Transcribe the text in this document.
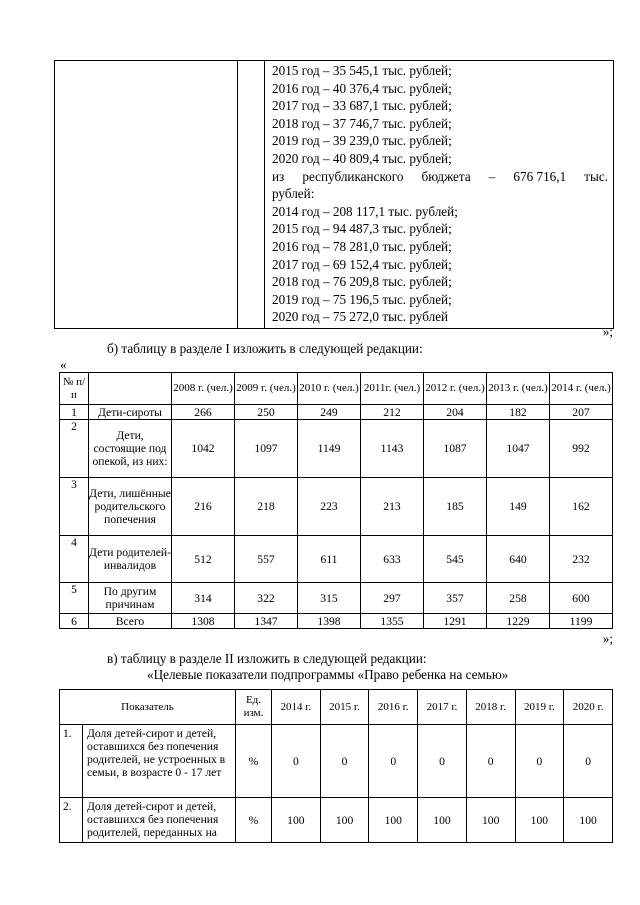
2015 год – 35 545,1 тыс. рублей;
2016 год – 40 376,4 тыс. рублей;
2017 год – 33 687,1 тыс. рублей;
2018 год – 37 746,7 тыс. рублей;
2019 год – 39 239,0 тыс. рублей;
2020 год – 40 809,4 тыс. рублей;
из республиканского бюджета – 676 716,1 тыс.
рублей:
2014 год – 208 117,1 тыс. рублей;
2015 год – 94 487,3 тыс. рублей;
2016 год – 78 281,0 тыс. рублей;
2017 год – 69 152,4 тыс. рублей;
2018 год – 76 209,8 тыс. рублей;
2019 год – 75 196,5 тыс. рублей;
2020 год – 75 272,0 тыс. рублей
»;
б) таблицу в разделе I изложить в следующей редакции:
«
№ п/п		2008 г. (чел.)	2009 г. (чел.)	2010 г. (чел.)	2011г. (чел.)	2012 г. (чел.)	2013 г. (чел.)	2014 г. (чел.)
1	Дети-сироты	266	250	249	212	204	182	207
2	Дети, состоящие под опекой, из них:	1042	1097	1149	1143	1087	1047	992
3	Дети, лишённые родительского попечения	216	218	223	213	185	149	162
4	Дети родителей-инвалидов	512	557	611	633	545	640	232
5	По другим причинам	314	322	315	297	357	258	600
6	Всего	1308	1347	1398	1355	1291	1229	1199
»;
в) таблицу в разделе II изложить в следующей редакции:
«Целевые показатели подпрограммы «Право ребенка на семью»
Показатель		Ед. изм.	2014 г.	2015 г.	2016 г.	2017 г.	2018 г.	2019 г.	2020 г.
1.	Доля детей-сирот и детей, оставшихся без попечения родителей, не устроенных в семьи, в возрасте 0 - 17 лет	%	0	0	0	0	0	0	0
2.	Доля детей-сирот и детей, оставшихся без попечения родителей, переданных на	%	100	100	100	100	100	100	100
